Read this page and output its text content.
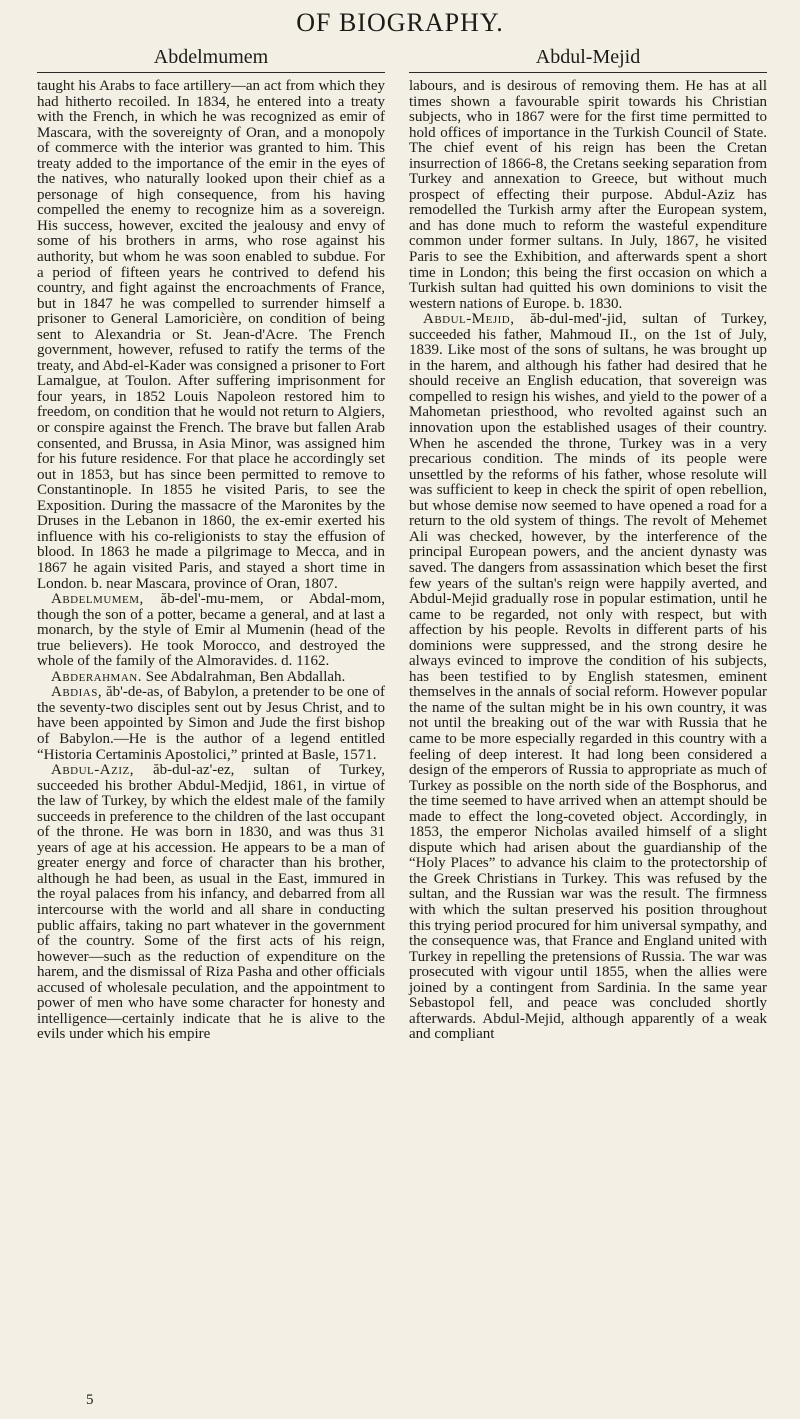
OF BIOGRAPHY.
Abdelmumem

taught his Arabs to face artillery—an act from which they had hitherto recoiled. In 1834, he entered into a treaty with the French, in which he was recognized as emir of Mascara, with the sovereignty of Oran, and a monopoly of commerce with the interior was granted to him. This treaty added to the importance of the emir in the eyes of the natives, who naturally looked upon their chief as a personage of high consequence, from his having compelled the enemy to recognize him as a sovereign. His success, however, excited the jealousy and envy of some of his brothers in arms, who rose against his authority, but whom he was soon enabled to subdue. For a period of fifteen years he contrived to defend his country, and fight against the encroachments of France, but in 1847 he was compelled to surrender himself a prisoner to General Lamoricière, on condition of being sent to Alexandria or St. Jean-d'Acre. The French government, however, refused to ratify the terms of the treaty, and Abd-el-Kader was consigned a prisoner to Fort Lamalgue, at Toulon. After suffering imprisonment for four years, in 1852 Louis Napoleon restored him to freedom, on condition that he would not return to Algiers, or conspire against the French. The brave but fallen Arab consented, and Brussa, in Asia Minor, was assigned him for his future residence. For that place he accordingly set out in 1853, but has since been permitted to remove to Constantinople. In 1855 he visited Paris, to see the Exposition. During the massacre of the Maronites by the Druses in the Lebanon in 1860, the ex-emir exerted his influence with his co-religionists to stay the effusion of blood. In 1863 he made a pilgrimage to Mecca, and in 1867 he again visited Paris, and stayed a short time in London. b. near Mascara, province of Oran, 1807.

Abdelmumem, ăb-del'-mu-mem, or Abdal-mom, though the son of a potter, became a general, and at last a monarch, by the style of Emir al Mumenin (head of the true believers). He took Morocco, and destroyed the whole of the family of the Almoravides. d. 1162.

Abderahman. See Abdalrahman, Ben Abdallah.

Abdias, ăb'-de-as, of Babylon, a pretender to be one of the seventy-two disciples sent out by Jesus Christ, and to have been appointed by Simon and Jude the first bishop of Babylon.—He is the author of a legend entitled “Historia Certaminis Apostolici,” printed at Basle, 1571.

Abdul-Aziz, ăb-dul-az'-ez, sultan of Turkey, succeeded his brother Abdul-Medjid, 1861, in virtue of the law of Turkey, by which the eldest male of the family succeeds in preference to the children of the last occupant of the throne. He was born in 1830, and was thus 31 years of age at his accession. He appears to be a man of greater energy and force of character than his brother, although he had been, as usual in the East, immured in the royal palaces from his infancy, and debarred from all intercourse with the world and all share in conducting public affairs, taking no part whatever in the government of the country. Some of the first acts of his reign, however—such as the reduction of expenditure on the harem, and the dismissal of Riza Pasha and other officials accused of wholesale peculation, and the appointment to power of men who have some character for honesty and intelligence—certainly indicate that he is alive to the evils under which his empire

Abdul-Mejid

labours, and is desirous of removing them. He has at all times shown a favourable spirit towards his Christian subjects, who in 1867 were for the first time permitted to hold offices of importance in the Turkish Council of State. The chief event of his reign has been the Cretan insurrection of 1866-8, the Cretans seeking separation from Turkey and annexation to Greece, but without much prospect of effecting their purpose. Abdul-Aziz has remodelled the Turkish army after the European system, and has done much to reform the wasteful expenditure common under former sultans. In July, 1867, he visited Paris to see the Exhibition, and afterwards spent a short time in London; this being the first occasion on which a Turkish sultan had quitted his own dominions to visit the western nations of Europe. b. 1830.

Abdul-Mejid, ăb-dul-med'-jid, sultan of Turkey, succeeded his father, Mahmoud II., on the 1st of July, 1839. Like most of the sons of sultans, he was brought up in the harem, and although his father had desired that he should receive an English education, that sovereign was compelled to resign his wishes, and yield to the power of a Mahometan priesthood, who revolted against such an innovation upon the established usages of their country. When he ascended the throne, Turkey was in a very precarious condition. The minds of its people were unsettled by the reforms of his father, whose resolute will was sufficient to keep in check the spirit of open rebellion, but whose demise now seemed to have opened a road for a return to the old system of things. The revolt of Mehemet Ali was checked, however, by the interference of the principal European powers, and the ancient dynasty was saved. The dangers from assassination which beset the first few years of the sultan's reign were happily averted, and Abdul-Mejid gradually rose in popular estimation, until he came to be regarded, not only with respect, but with affection by his people. Revolts in different parts of his dominions were suppressed, and the strong desire he always evinced to improve the condition of his subjects, has been testified to by English statesmen, eminent themselves in the annals of social reform. However popular the name of the sultan might be in his own country, it was not until the breaking out of the war with Russia that he came to be more especially regarded in this country with a feeling of deep interest. It had long been considered a design of the emperors of Russia to appropriate as much of Turkey as possible on the north side of the Bosphorus, and the time seemed to have arrived when an attempt should be made to effect the long-coveted object. Accordingly, in 1853, the emperor Nicholas availed himself of a slight dispute which had arisen about the guardianship of the “Holy Places” to advance his claim to the protectorship of the Greek Christians in Turkey. This was refused by the sultan, and the Russian war was the result. The firmness with which the sultan preserved his position throughout this trying period procured for him universal sympathy, and the consequence was, that France and England united with Turkey in repelling the pretensions of Russia. The war was prosecuted with vigour until 1855, when the allies were joined by a contingent from Sardinia. In the same year Sebastopol fell, and peace was concluded shortly afterwards. Abdul-Mejid, although apparently of a weak and compliant

5
